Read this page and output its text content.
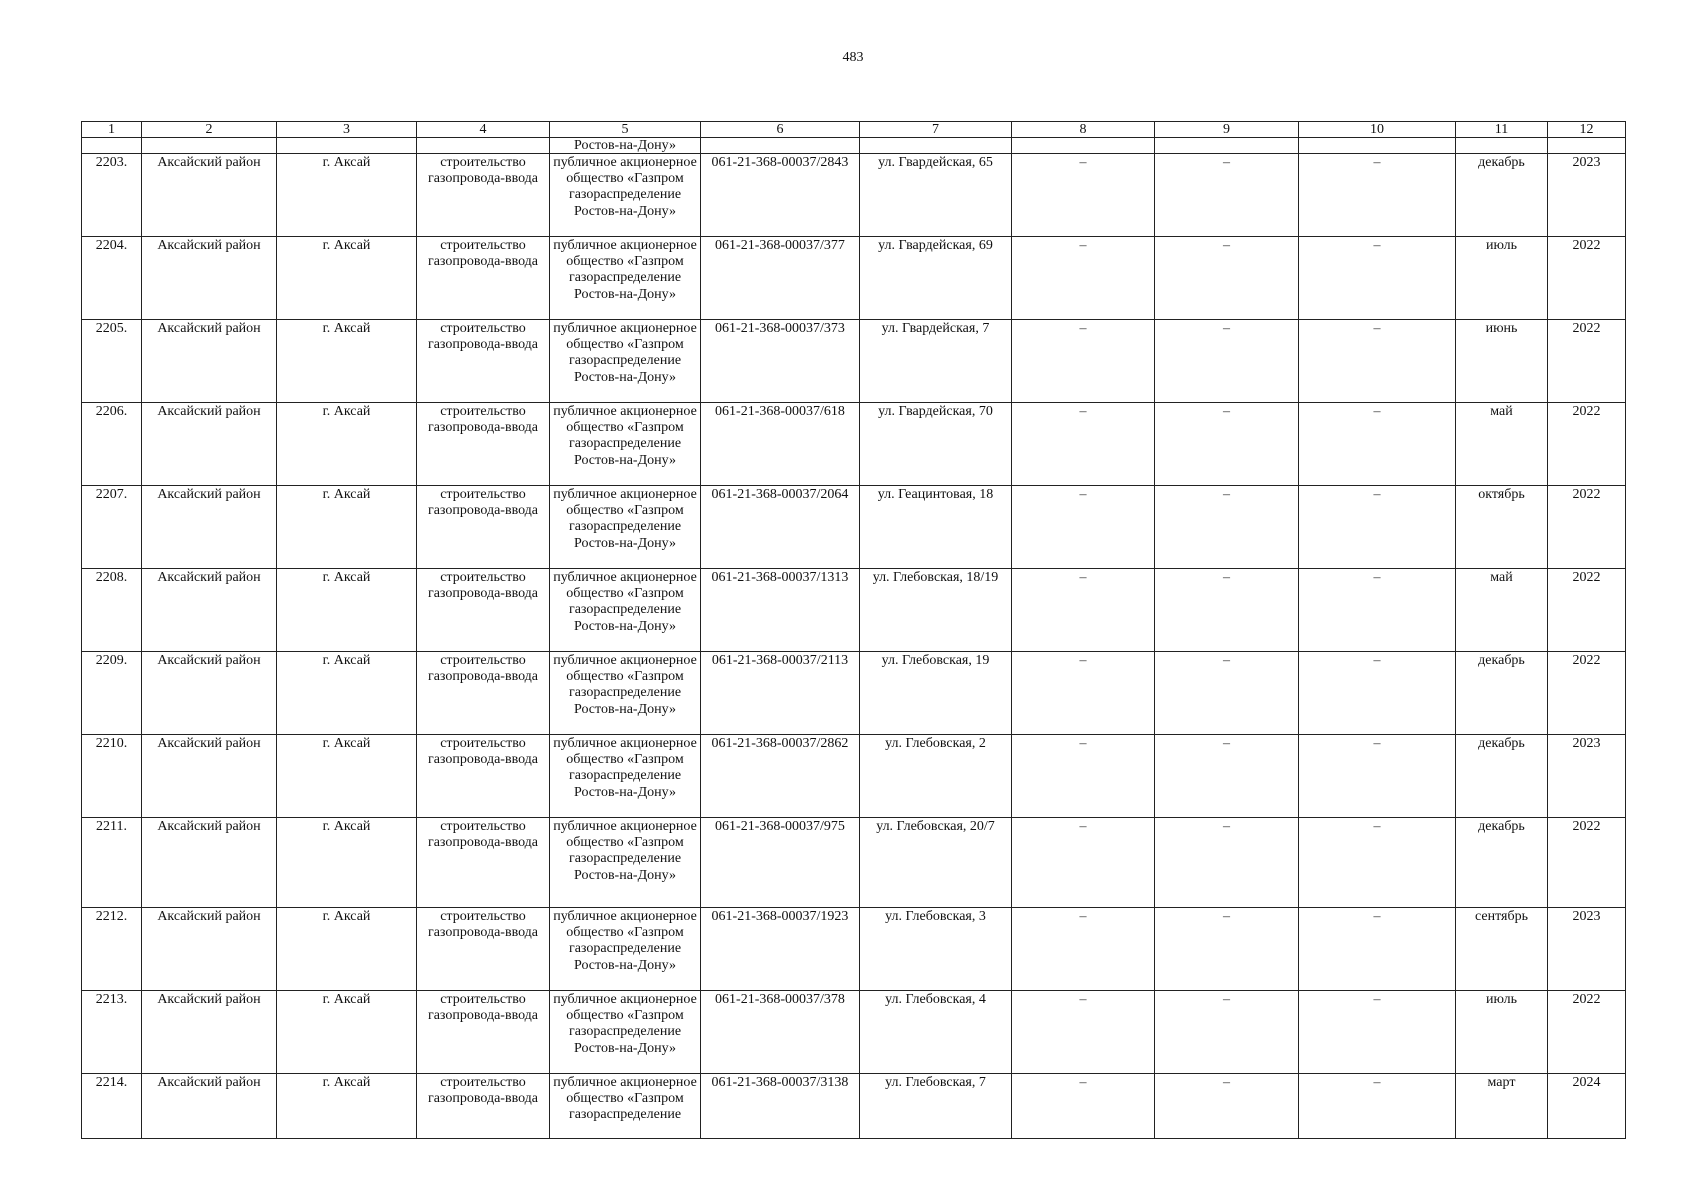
483
1	2	3	4	5	6	7	8	9	10	11	12
				Ростов-на-Дону»							
2203.	Аксайский район	г. Аксай	строительство газопровода-ввода	публичное акционерное общество «Газпром газораспределение Ростов-на-Дону»	061-21-368-00037/2843	ул. Гвардейская, 65	–	–	–	декабрь	2023
2204.	Аксайский район	г. Аксай	строительство газопровода-ввода	публичное акционерное общество «Газпром газораспределение Ростов-на-Дону»	061-21-368-00037/377	ул. Гвардейская, 69	–	–	–	июль	2022
2205.	Аксайский район	г. Аксай	строительство газопровода-ввода	публичное акционерное общество «Газпром газораспределение Ростов-на-Дону»	061-21-368-00037/373	ул. Гвардейская, 7	–	–	–	июнь	2022
2206.	Аксайский район	г. Аксай	строительство газопровода-ввода	публичное акционерное общество «Газпром газораспределение Ростов-на-Дону»	061-21-368-00037/618	ул. Гвардейская, 70	–	–	–	май	2022
2207.	Аксайский район	г. Аксай	строительство газопровода-ввода	публичное акционерное общество «Газпром газораспределение Ростов-на-Дону»	061-21-368-00037/2064	ул. Геацинтовая, 18	–	–	–	октябрь	2022
2208.	Аксайский район	г. Аксай	строительство газопровода-ввода	публичное акционерное общество «Газпром газораспределение Ростов-на-Дону»	061-21-368-00037/1313	ул. Глебовская, 18/19	–	–	–	май	2022
2209.	Аксайский район	г. Аксай	строительство газопровода-ввода	публичное акционерное общество «Газпром газораспределение Ростов-на-Дону»	061-21-368-00037/2113	ул. Глебовская, 19	–	–	–	декабрь	2022
2210.	Аксайский район	г. Аксай	строительство газопровода-ввода	публичное акционерное общество «Газпром газораспределение Ростов-на-Дону»	061-21-368-00037/2862	ул. Глебовская, 2	–	–	–	декабрь	2023
2211.	Аксайский район	г. Аксай	строительство газопровода-ввода	публичное акционерное общество «Газпром газораспределение Ростов-на-Дону»	061-21-368-00037/975	ул. Глебовская, 20/7	–	–	–	декабрь	2022
2212.	Аксайский район	г. Аксай	строительство газопровода-ввода	публичное акционерное общество «Газпром газораспределение Ростов-на-Дону»	061-21-368-00037/1923	ул. Глебовская, 3	–	–	–	сентябрь	2023
2213.	Аксайский район	г. Аксай	строительство газопровода-ввода	публичное акционерное общество «Газпром газораспределение Ростов-на-Дону»	061-21-368-00037/378	ул. Глебовская, 4	–	–	–	июль	2022
2214.	Аксайский район	г. Аксай	строительство газопровода-ввода	публичное акционерное общество «Газпром газораспределение	061-21-368-00037/3138	ул. Глебовская, 7	–	–	–	март	2024
